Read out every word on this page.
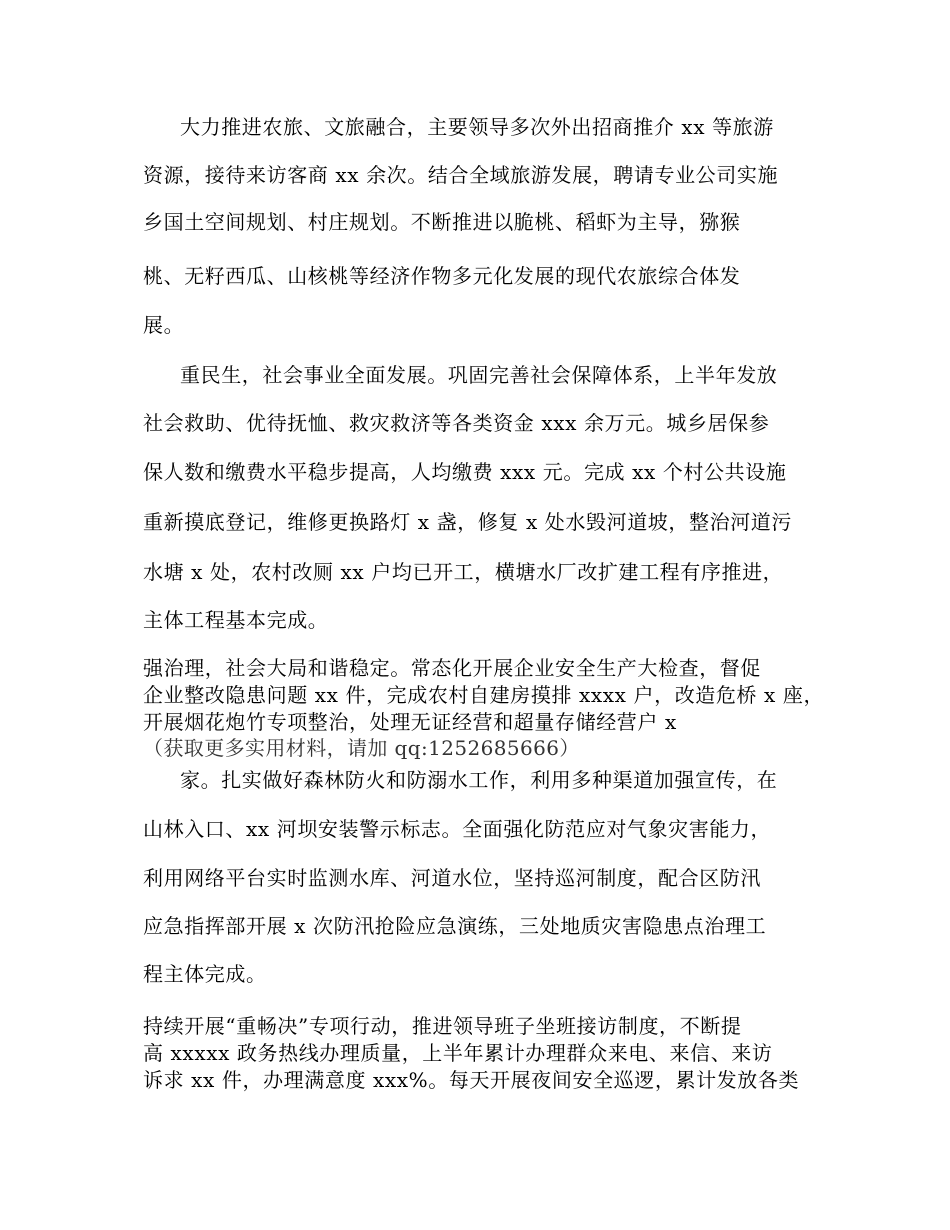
大力推进农旅、文旅融合，主要领导多次外出招商推介 xx 等旅游
资源，接待来访客商 xx 余次。结合全域旅游发展，聘请专业公司实施
乡国土空间规划、村庄规划。不断推进以脆桃、稻虾为主导，猕猴
桃、无籽西瓜、山核桃等经济作物多元化发展的现代农旅综合体发
展。
重民生，社会事业全面发展。巩固完善社会保障体系，上半年发放
社会救助、优待抚恤、救灾救济等各类资金 xxx 余万元。城乡居保参
保人数和缴费水平稳步提高，人均缴费 xxx 元。完成 xx 个村公共设施
重新摸底登记，维修更换路灯 x 盏，修复 x 处水毁河道坡，整治河道污
水塘 x 处，农村改厕 xx 户均已开工，横塘水厂改扩建工程有序推进，
主体工程基本完成。
强治理，社会大局和谐稳定。常态化开展企业安全生产大检查，督促
企业整改隐患问题 xx 件，完成农村自建房摸排 xxxx 户，改造危桥 x 座，
开展烟花炮竹专项整治，处理无证经营和超量存储经营户 x
（获取更多实用材料，请加 qq:1252685666）
家。扎实做好森林防火和防溺水工作，利用多种渠道加强宣传，在
山林入口、xx 河坝安装警示标志。全面强化防范应对气象灾害能力，
利用网络平台实时监测水库、河道水位，坚持巡河制度，配合区防汛
应急指挥部开展 x 次防汛抢险应急演练，三处地质灾害隐患点治理工
程主体完成。
持续开展“重畅决”专项行动，推进领导班子坐班接访制度，不断提
高 xxxxx 政务热线办理质量，上半年累计办理群众来电、来信、来访
诉求 xx 件，办理满意度 xxx%。每天开展夜间安全巡逻，累计发放各类
